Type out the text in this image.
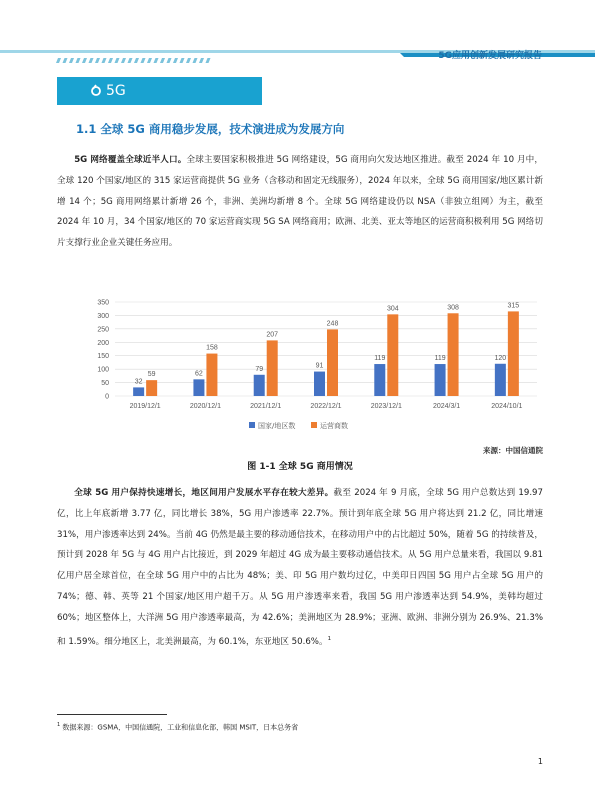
5G应用创新发展研究报告
5G
1.1 全球 5G 商用稳步发展，技术演进成为发展方向

5G 网络覆盖全球近半人口。全球主要国家积极推进 5G 网络建设，5G 商用向欠发达地区推进。截至 2024 年 10 月中，全球 120 个国家/地区的 315 家运营商提供 5G 业务（含移动和固定无线服务），2024 年以来，全球 5G 商用国家/地区累计新增 14 个；5G 商用网络累计新增 26 个，非洲、美洲均新增 8 个。全球 5G 网络建设仍以 NSA（非独立组网）为主，截至 2024 年 10 月，34 个国家/地区的 70 家运营商实现 5G SA 网络商用；欧洲、北美、亚太等地区的运营商积极利用 5G 网络切片支撑行业企业关键任务应用。

0
50
100
150
200
250
300
350
32
59
2019/12/1
62
158
2020/12/1
79
207
2021/12/1
91
248
2022/12/1
119
304
2023/12/1
119
308
2024/3/1
120
315
2024/10/1
国家/地区数	运营商数
来源：中国信通院
图 1-1 全球 5G 商用情况

全球 5G 用户保持快速增长，地区间用户发展水平存在较大差异。截至 2024 年 9 月底，全球 5G 用户总数达到 19.97 亿，比上年底新增 3.77 亿，同比增长 38%，5G 用户渗透率 22.7%。预计到年底全球 5G 用户将达到 21.2 亿，同比增速 31%，用户渗透率达到 24%。当前 4G 仍然是最主要的移动通信技术，在移动用户中的占比超过 50%，随着 5G 的持续普及，预计到 2028 年 5G 与 4G 用户占比接近，到 2029 年超过 4G 成为最主要移动通信技术。从 5G 用户总量来看，我国以 9.81 亿用户居全球首位，在全球 5G 用户中的占比为 48%；美、印 5G 用户数均过亿，中美印日四国 5G 用户占全球 5G 用户的 74%；德、韩、英等 21 个国家/地区用户超千万。从 5G 用户渗透率来看，我国 5G 用户渗透率达到 54.9%，美韩均超过 60%；地区整体上，大洋洲 5G 用户渗透率最高，为 42.6%；美洲地区为 28.9%；亚洲、欧洲、非洲分别为 26.9%、21.3%和 1.59%。细分地区上，北美洲最高，为 60.1%，东亚地区 50.6%。$^1$

$^1$ 数据来源：GSMA，中国信通院，工业和信息化部，韩国 MSIT，日本总务省
1
